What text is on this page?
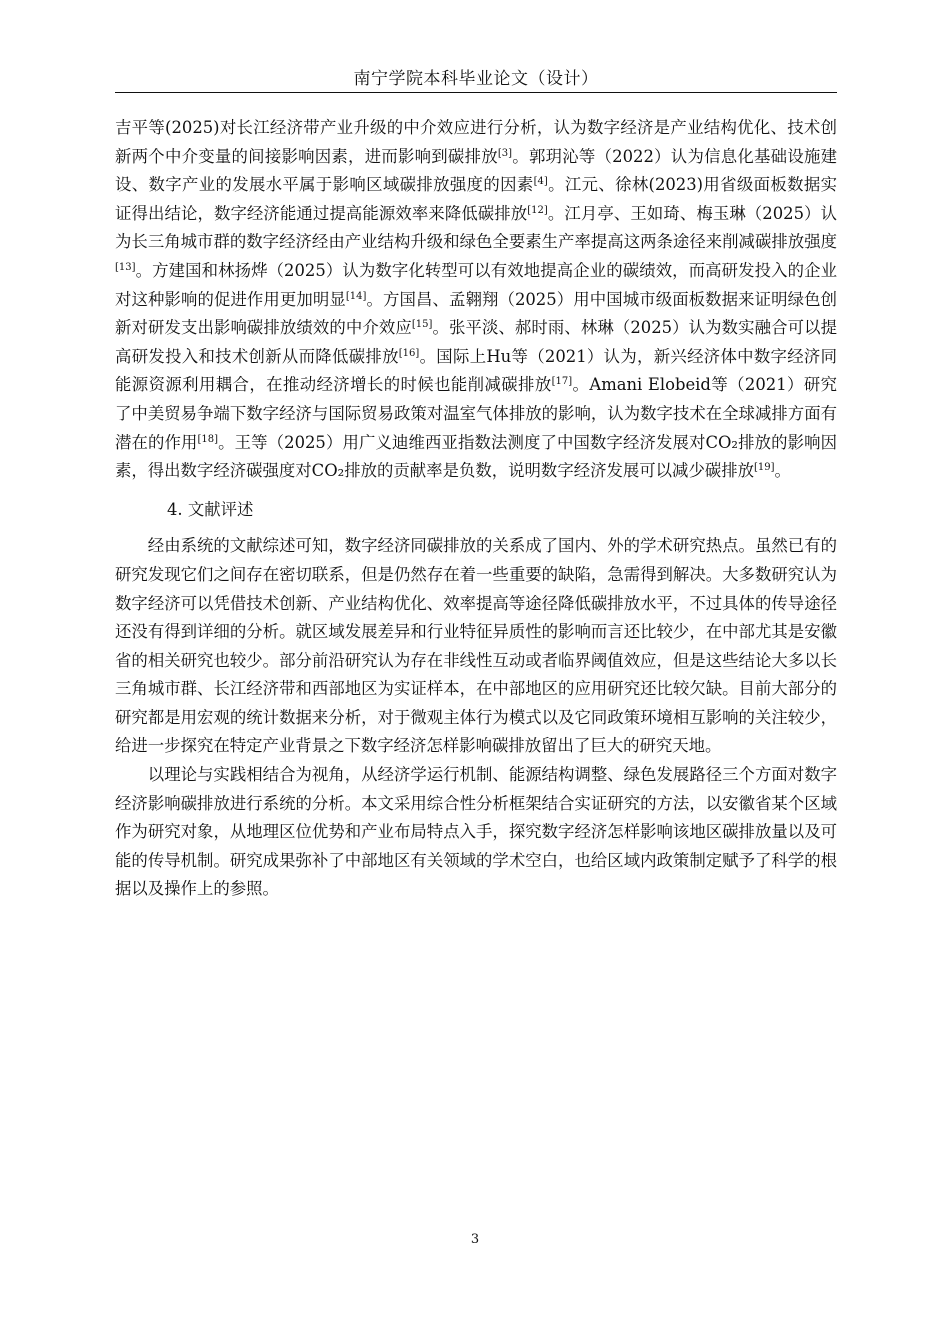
南宁学院本科毕业论文（设计）

吉平等(2025)对长江经济带产业升级的中介效应进行分析，认为数字经济是产业结构优化、技术创新两个中介变量的间接影响因素，进而影响到碳排放[3]。郭玥沁等（2022）认为信息化基础设施建设、数字产业的发展水平属于影响区域碳排放强度的因素[4]。江元、徐林(2023)用省级面板数据实证得出结论，数字经济能通过提高能源效率来降低碳排放[12]。江月亭、王如琦、梅玉琳（2025）认为长三角城市群的数字经济经由产业结构升级和绿色全要素生产率提高这两条途径来削减碳排放强度[13]。方建国和林扬烨（2025）认为数字化转型可以有效地提高企业的碳绩效，而高研发投入的企业对这种影响的促进作用更加明显[14]。方国昌、孟翱翔（2025）用中国城市级面板数据来证明绿色创新对研发支出影响碳排放绩效的中介效应[15]。张平淡、郝时雨、林琳（2025）认为数实融合可以提高研发投入和技术创新从而降低碳排放[16]。国际上Hu等（2021）认为，新兴经济体中数字经济同能源资源利用耦合，在推动经济增长的时候也能削减碳排放[17]。Amani Elobeid等（2021）研究了中美贸易争端下数字经济与国际贸易政策对温室气体排放的影响，认为数字技术在全球减排方面有潜在的作用[18]。王等（2025）用广义迪维西亚指数法测度了中国数字经济发展对CO₂排放的影响因素，得出数字经济碳强度对CO₂排放的贡献率是负数，说明数字经济发展可以减少碳排放[19]。

4. 文献评述

经由系统的文献综述可知，数字经济同碳排放的关系成了国内、外的学术研究热点。虽然已有的研究发现它们之间存在密切联系，但是仍然存在着一些重要的缺陷，急需得到解决。大多数研究认为数字经济可以凭借技术创新、产业结构优化、效率提高等途径降低碳排放水平，不过具体的传导途径还没有得到详细的分析。就区域发展差异和行业特征异质性的影响而言还比较少，在中部尤其是安徽省的相关研究也较少。部分前沿研究认为存在非线性互动或者临界阈值效应，但是这些结论大多以长三角城市群、长江经济带和西部地区为实证样本，在中部地区的应用研究还比较欠缺。目前大部分的研究都是用宏观的统计数据来分析，对于微观主体行为模式以及它同政策环境相互影响的关注较少，给进一步探究在特定产业背景之下数字经济怎样影响碳排放留出了巨大的研究天地。

以理论与实践相结合为视角，从经济学运行机制、能源结构调整、绿色发展路径三个方面对数字经济影响碳排放进行系统的分析。本文采用综合性分析框架结合实证研究的方法，以安徽省某个区域作为研究对象，从地理区位优势和产业布局特点入手，探究数字经济怎样影响该地区碳排放量以及可能的传导机制。研究成果弥补了中部地区有关领域的学术空白，也给区域内政策制定赋予了科学的根据以及操作上的参照。

3
